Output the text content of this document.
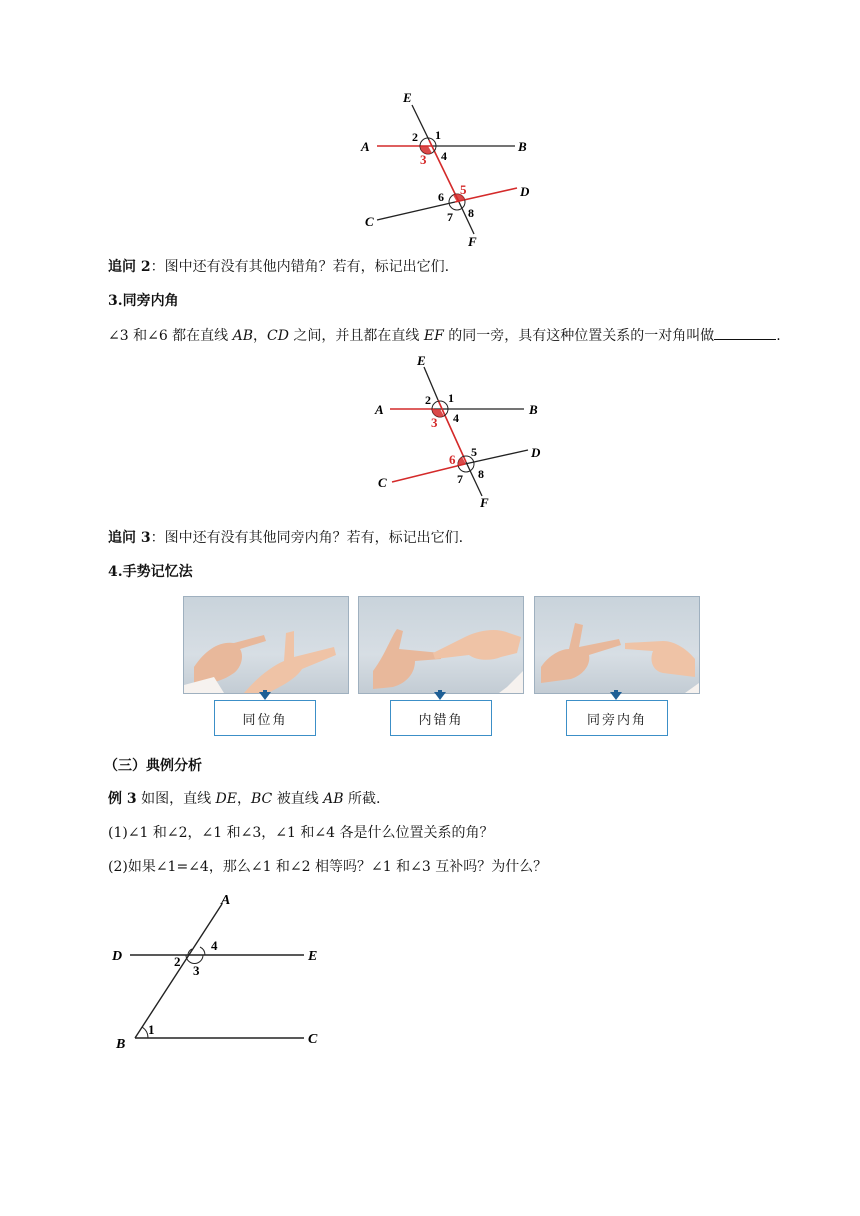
E
A	B
C
D
F
1
2
3 4
5
6
7 8
追问 2：图中还有没有其他内错角？若有，标记出它们.
3.同旁内角
∠3 和∠6 都在直线 AB，CD 之间，并且都在直线 EF 的同一旁，具有这种位置关系的一对角叫做	.
E
A	B
C
D
F
1
2
3 4
5
6
7 8
追问 3：图中还有没有其他同旁内角？若有，标记出它们.
4.手势记忆法
同位角	内错角	同旁内角
（三）典例分析
例 3 如图，直线 DE，BC 被直线 AB 所截.
(1)∠1 和∠2，∠1 和∠3，∠1 和∠4 各是什么位置关系的角？
(2)如果∠1=∠4，那么∠1 和∠2 相等吗？∠1 和∠3 互补吗？为什么？
A
D	E
B	C
1
2
3
4
